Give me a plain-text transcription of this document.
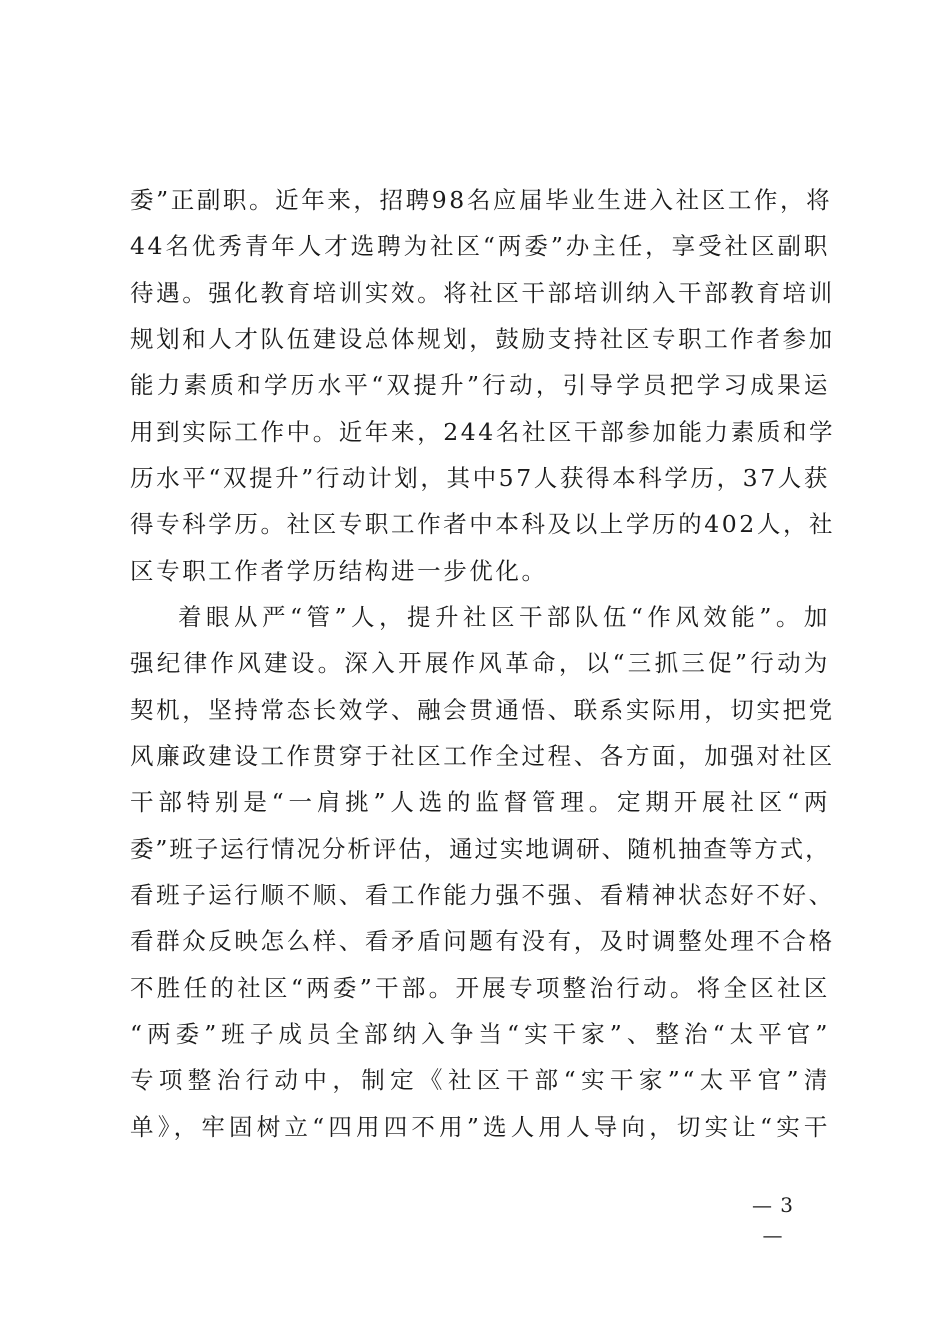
委”正副职。近年来，招聘98名应届毕业生进入社区工作，将
44名优秀青年人才选聘为社区“两委”办主任，享受社区副职
待遇。强化教育培训实效。将社区干部培训纳入干部教育培训
规划和人才队伍建设总体规划，鼓励支持社区专职工作者参加
能力素质和学历水平“双提升”行动，引导学员把学习成果运
用到实际工作中。近年来，244名社区干部参加能力素质和学
历水平“双提升”行动计划，其中57人获得本科学历，37人获
得专科学历。社区专职工作者中本科及以上学历的402人，社
区专职工作者学历结构进一步优化。
着眼从严“管”人，提升社区干部队伍“作风效能”。加
强纪律作风建设。深入开展作风革命，以“三抓三促”行动为
契机，坚持常态长效学、融会贯通悟、联系实际用，切实把党
风廉政建设工作贯穿于社区工作全过程、各方面，加强对社区
干部特别是“一肩挑”人选的监督管理。定期开展社区“两
委”班子运行情况分析评估，通过实地调研、随机抽查等方式，
看班子运行顺不顺、看工作能力强不强、看精神状态好不好、
看群众反映怎么样、看矛盾问题有没有，及时调整处理不合格
不胜任的社区“两委”干部。开展专项整治行动。将全区社区
“两委”班子成员全部纳入争当“实干家”、整治“太平官”
专项整治行动中，制定《社区干部“实干家”“太平官”清
单》，牢固树立“四用四不用”选人用人导向，切实让“实干
— 3 —
